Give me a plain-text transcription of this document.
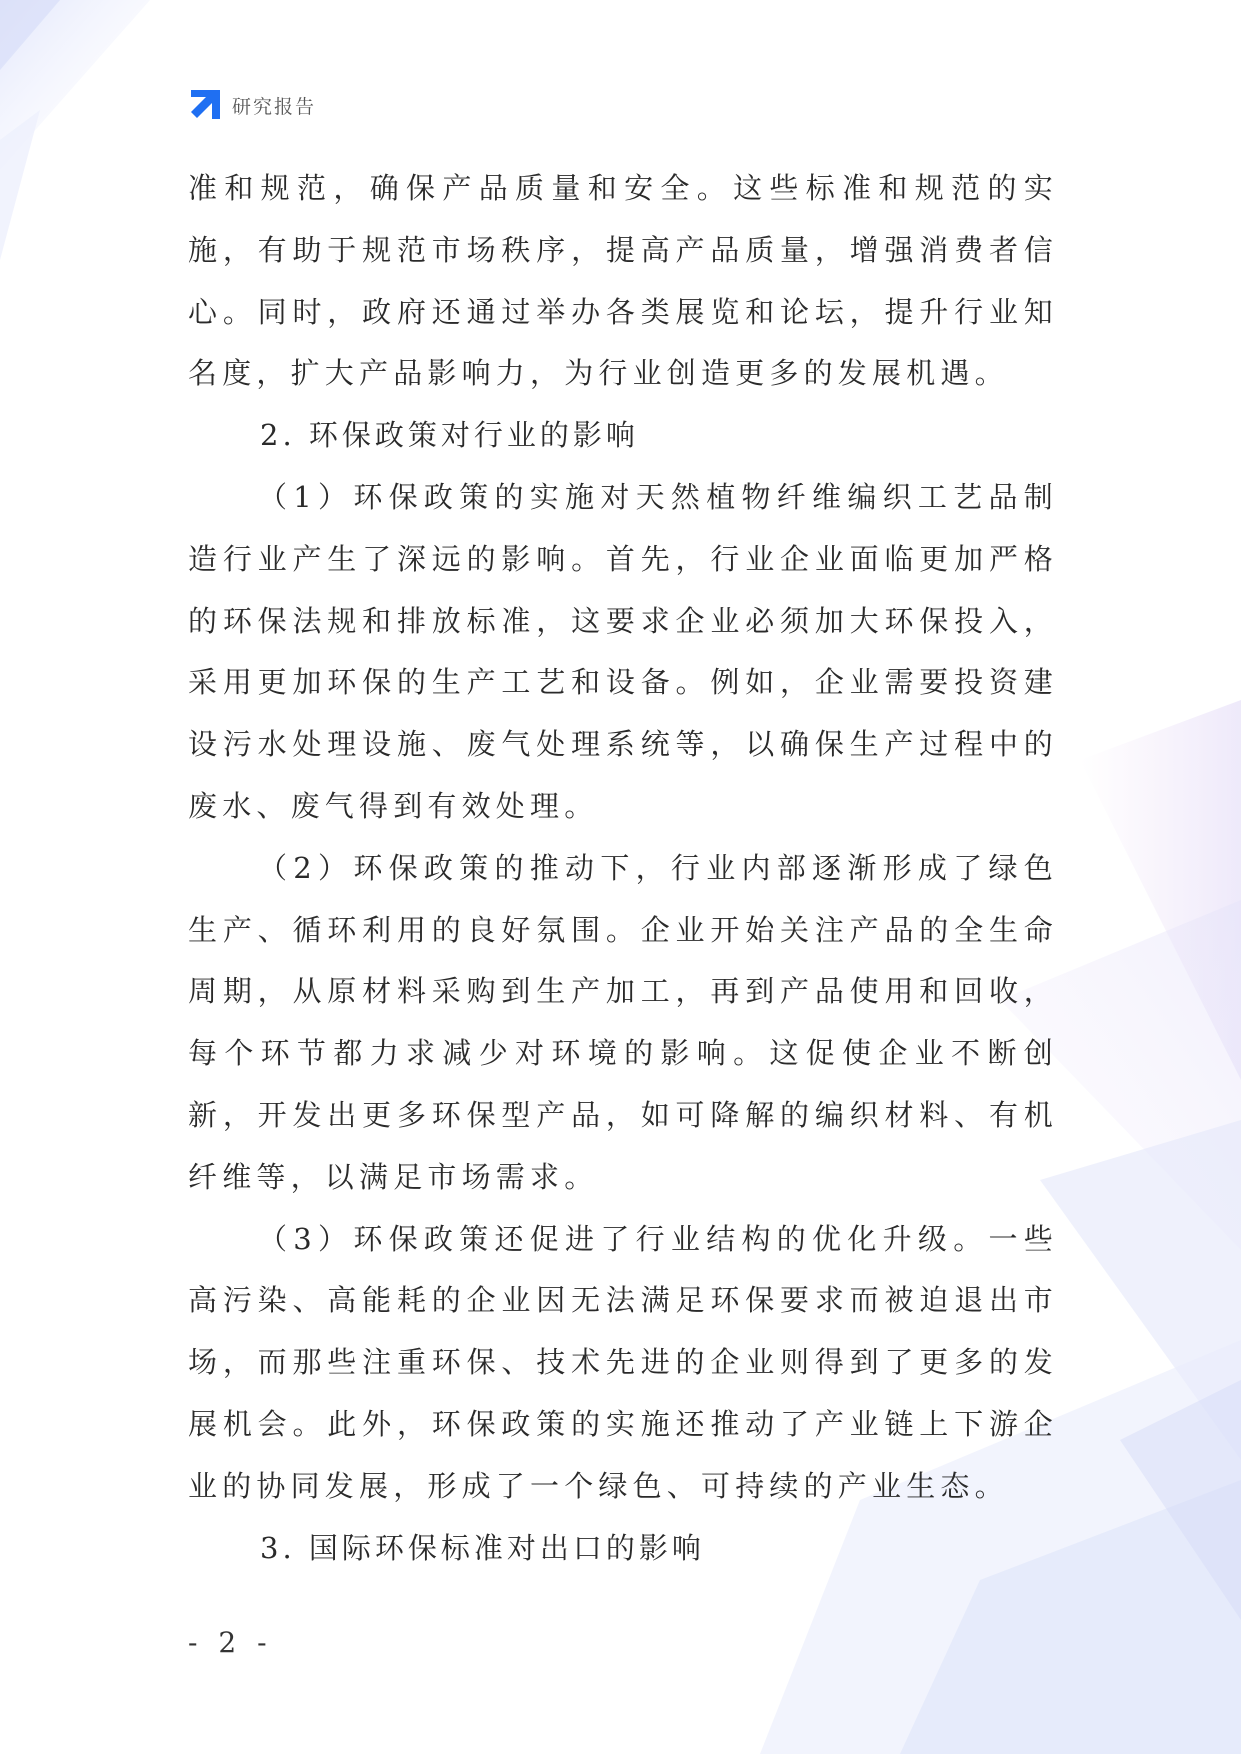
研究报告

准和规范，确保产品质量和安全。这些标准和规范的实施，有助于规范市场秩序，提高产品质量，增强消费者信心。同时，政府还通过举办各类展览和论坛，提升行业知名度，扩大产品影响力，为行业创造更多的发展机遇。

2. 环保政策对行业的影响

（1）环保政策的实施对天然植物纤维编织工艺品制造行业产生了深远的影响。首先，行业企业面临更加严格的环保法规和排放标准，这要求企业必须加大环保投入，采用更加环保的生产工艺和设备。例如，企业需要投资建设污水处理设施、废气处理系统等，以确保生产过程中的废水、废气得到有效处理。

（2）环保政策的推动下，行业内部逐渐形成了绿色生产、循环利用的良好氛围。企业开始关注产品的全生命周期，从原材料采购到生产加工，再到产品使用和回收，每个环节都力求减少对环境的影响。这促使企业不断创新，开发出更多环保型产品，如可降解的编织材料、有机纤维等，以满足市场需求。

（3）环保政策还促进了行业结构的优化升级。一些高污染、高能耗的企业因无法满足环保要求而被迫退出市场，而那些注重环保、技术先进的企业则得到了更多的发展机会。此外，环保政策的实施还推动了产业链上下游企业的协同发展，形成了一个绿色、可持续的产业生态。

3. 国际环保标准对出口的影响

- 2 -
